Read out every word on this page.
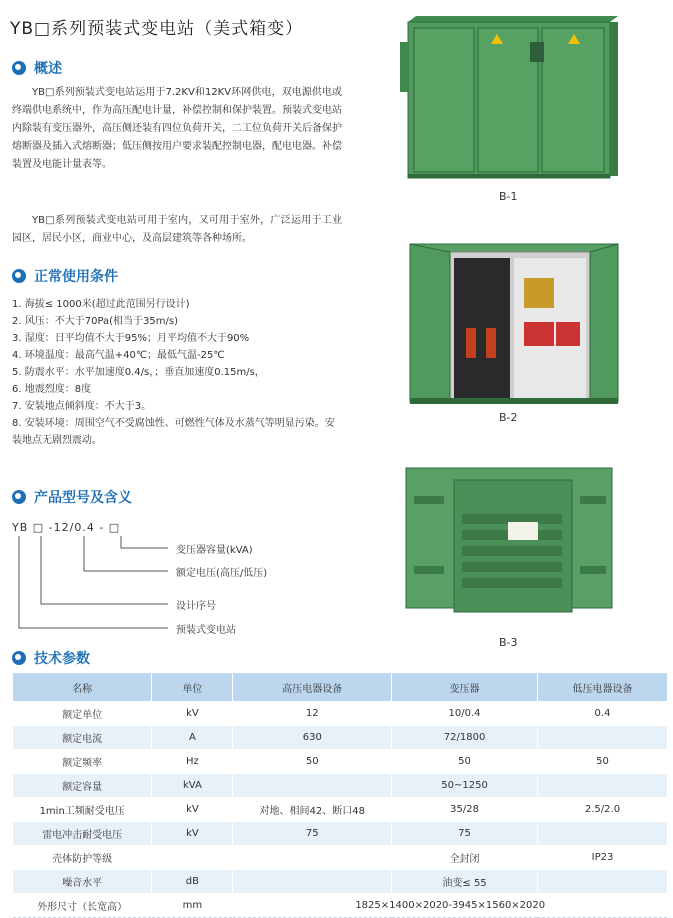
YB□系列预装式变电站（美式箱变）
概述
YB□系列预装式变电站运用于7.2KV和12KV环网供电，双电源供电或终端供电系统中，作为高压配电计量，补偿控制和保护装置。预装式变电站内除装有变压器外，高压侧还装有四位负荷开关，二工位负荷开关后备保护熔断器及插入式熔断器；低压侧按用户要求装配控制电器，配电电器。补偿装置及电能计量表等。
YB□系列预装式变电站可用于室内，又可用于室外，广泛运用于工业园区，居民小区，商业中心，及高层建筑等各种场所。
正常使用条件
1. 海拔≤ 1000米(超过此范围另行设计)
2. 风压：不大于70Pa(相当于35m/s)
3. 湿度：日平均值不大于95%；月平均值不大于90%
4. 环境温度：最高气温+40℃；最低气温-25℃
5. 防震水平：水平加速度0.4/s，；垂直加速度0.15m/s，
6. 地震烈度：8度
7. 安装地点倾斜度：不大于3。
8. 安装环境：周围空气不受腐蚀性、可燃性气体及水蒸气等明显污染。安装地点无剧烈震动。
产品型号及含义
YB □ -12/0.4 - □
变压器容量(kVA)
额定电压(高压/低压)
设计序号
预装式变电站
B-1
B-2
B-3
技术参数
名称	单位	高压电器设备	变压器	低压电器设备
额定单位	kV	12	10/0.4	0.4
额定电流	A	630	72/1800	
额定频率	Hz	50	50	50
额定容量	kVA		50~1250	
1min工频耐受电压	kV	对地、相间42、断口48	35/28	2.5/2.0
雷电冲击耐受电压	kV	75	75	
壳体防护等级			全封闭	IP23
噪音水平	dB		油变≤ 55	
外形尺寸（长宽高）	mm	1825×1400×2020-3945×1560×2020		
